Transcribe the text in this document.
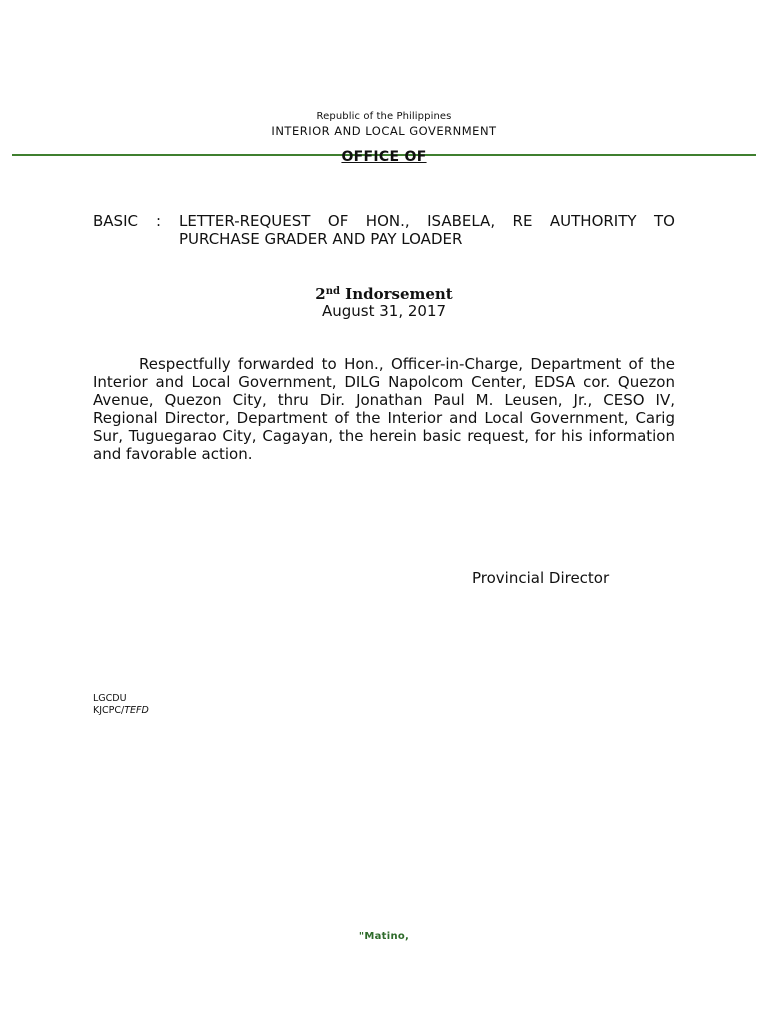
Republic of the Philippines
INTERIOR AND LOCAL GOVERNMENT
OFFICE OF
BASIC : LETTER-REQUEST OF HON., ISABELA, RE AUTHORITY TO PURCHASE GRADER AND PAY LOADER
2nd Indorsement
August 31, 2017

Respectfully forwarded to Hon., Officer-in-Charge, Department of the Interior and Local Government, DILG Napolcom Center, EDSA cor. Quezon Avenue, Quezon City, thru Dir. Jonathan Paul M. Leusen, Jr., CESO IV, Regional Director, Department of the Interior and Local Government, Carig Sur, Tuguegarao City, Cagayan, the herein basic request, for his information and favorable action.

Provincial Director
LGCDU
KJCPC/TEFD
"Matino,
